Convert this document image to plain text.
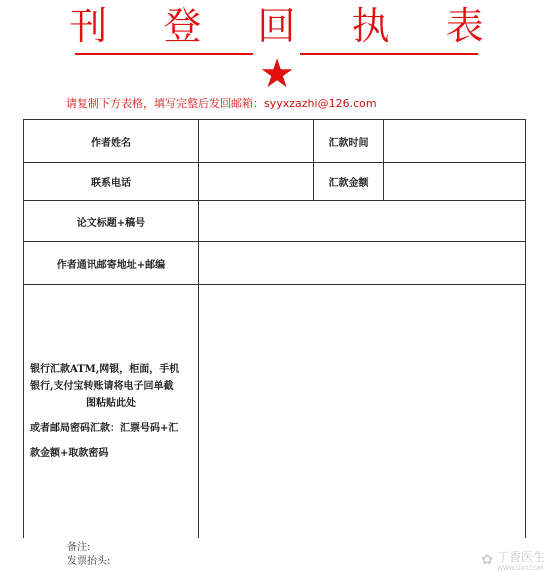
刊 登 回 执 表
★
请复制下方表格，填写完整后发回邮箱：syyxzazhi@126.com
作者姓名		汇款时间	
联系电话		汇款金额	
论文标题+稿号			
作者通讯邮寄地址+邮编			

银行汇款ATM,网银，柜面，手机
银行,支付宝转账请将电子回单截
图粘贴此处
或者邮局密码汇款：汇票号码+汇
款金额+取款密码			

备注:
发票抬头:	✿ 丁香医生
WWW.DXY.COM
